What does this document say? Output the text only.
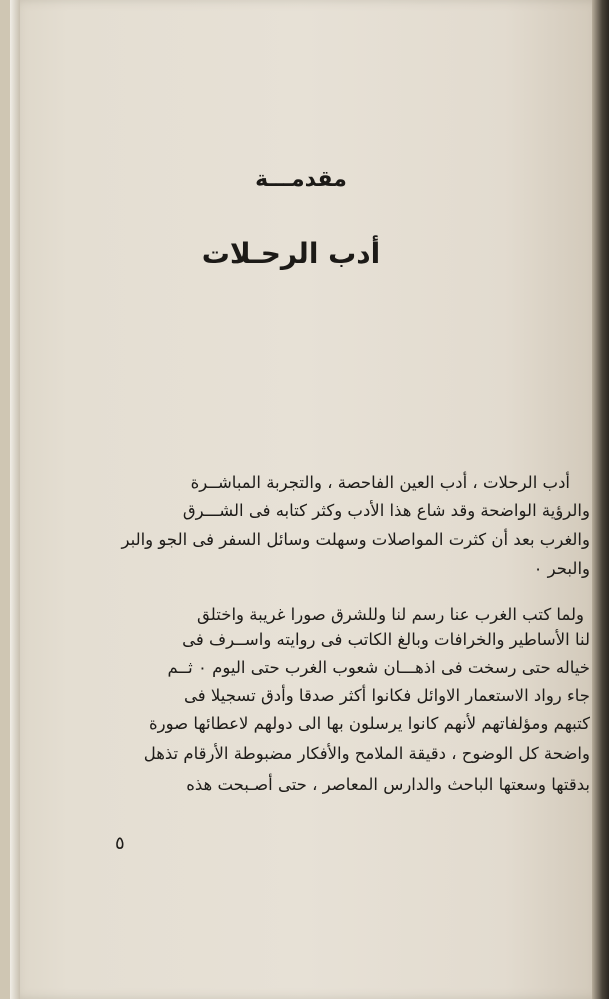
مقدمـــة
أدب الرحـلات
أدب الرحلات ، أدب العين الفاحصة ، والتجربة المباشــرة
والرؤية الواضحة وقد شاع هذا الأدب وكثر كتابه فى الشـــرق
والغرب بعد أن كثرت المواصلات وسهلت وسائل السفر فى الجو والبر
والبحر ٠
ولما كتب الغرب عنا رسم لنا وللشرق صورا غريبة واختلق
لنا الأساطير والخرافات وبالغ الكاتب فى روايته واســرف فى
خياله حتى رسخت فى اذهـــان شعوب الغرب حتى اليوم ٠ ثــم
جاء رواد الاستعمار الاوائل فكانوا أكثر صدقا وأدق تسجيلا فى
كتبهم ومؤلفاتهم لأنهم كانوا يرسلون بها الى دولهم لاعطائها صورة
واضحة كل الوضوح ، دقيقة الملامح والأفكار مضبوطة الأرقام تذهل
بدقتها وسعتها الباحث والدارس المعاصر ، حتى أصـبحت هذه
٥
